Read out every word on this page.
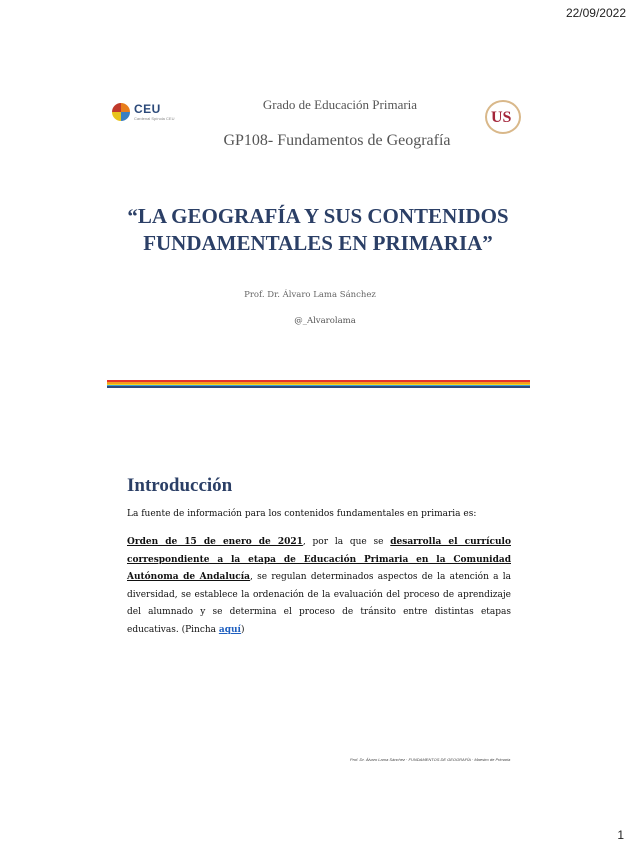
22/09/2022
CEU
Cardenal Spínola CEU	US
Grado de Educación Primaria
GP108- Fundamentos de Geografía
“LA GEOGRAFÍA Y SUS CONTENIDOS
FUNDAMENTALES EN PRIMARIA”
Prof. Dr. Álvaro Lama Sánchez
@_Alvarolama
Introducción
La fuente de información para los contenidos fundamentales en primaria es:
Orden de 15 de enero de 2021, por la que se desarrolla el currículo correspondiente a la etapa de Educación Primaria en la Comunidad Autónoma de Andalucía, se regulan determinados aspectos de la atención a la diversidad, se establece la ordenación de la evaluación del proceso de aprendizaje del alumnado y se determina el proceso de tránsito entre distintas etapas educativas. (Pincha aquí)
Prof. Dr. Álvaro Lama Sánchez · FUNDAMENTOS DE GEOGRAFÍA · Maestro de Primaria
1
